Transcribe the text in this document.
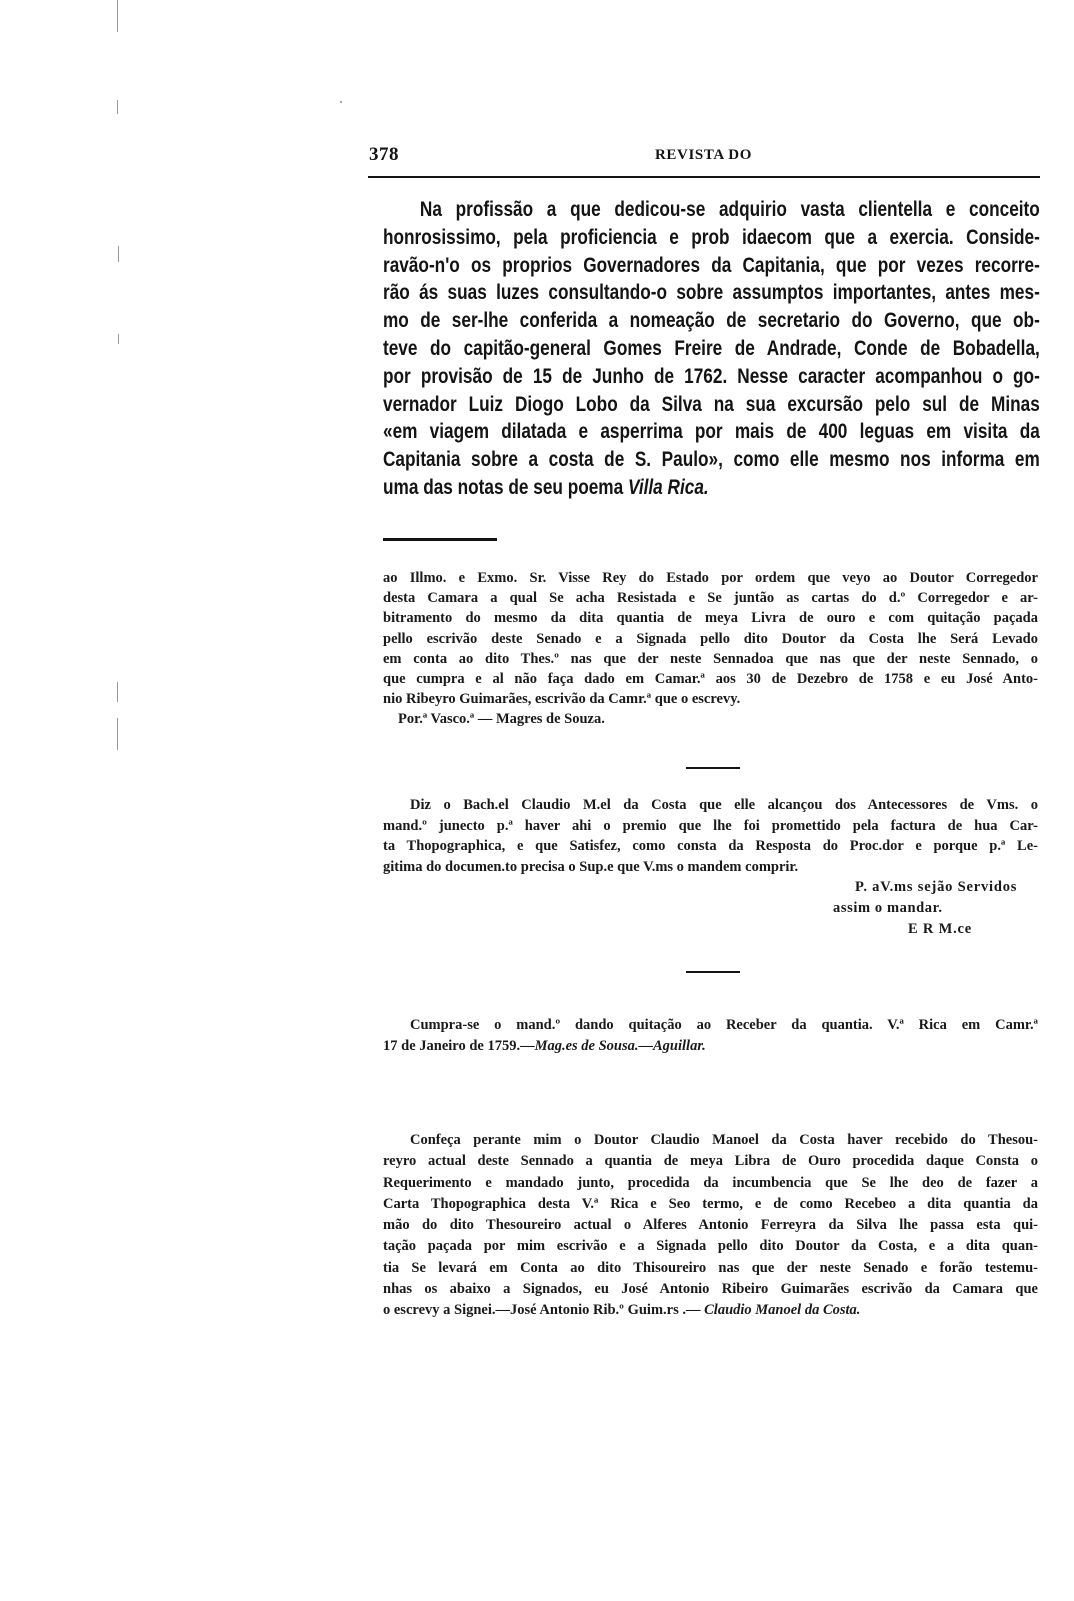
378	REVISTA DO
Na profissão a que dedicou-se adquirio vasta clientella e conceito
honrosissimo, pela proficiencia e prob idaecom que a exercia. Conside-
ravão-n'o os proprios Governadores da Capitania, que por vezes recorre-
rão ás suas luzes consultando-o sobre assumptos importantes, antes mes-
mo de ser-lhe conferida a nomeação de secretario do Governo, que ob-
teve do capitão-general Gomes Freire de Andrade, Conde de Bobadella,
por provisão de 15 de Junho de 1762. Nesse caracter acompanhou o go-
vernador Luiz Diogo Lobo da Silva na sua excursão pelo sul de Minas
«em viagem dilatada e asperrima por mais de 400 leguas em visita da
Capitania sobre a costa de S. Paulo», como elle mesmo nos informa em
uma das notas de seu poema Villa Rica.
ao Illmo. e Exmo. Sr. Visse Rey do Estado por ordem que veyo ao Doutor Corregedor
desta Camara a qual Se acha Resistada e Se juntão as cartas do d.º Corregedor e ar-
bitramento do mesmo da dita quantia de meya Livra de ouro e com quitação paçada
pello escrivão deste Senado e a Signada pello dito Doutor da Costa lhe Será Levado
em conta ao dito Thes.º nas que der neste Sennadoa que nas que der neste Sennado, o
que cumpra e al não faça dado em Camar.ª aos 30 de Dezebro de 1758 e eu José Anto-
nio Ribeyro Guimarães, escrivão da Camr.ª que o escrevy.
Por.ª Vasco.ª — Magres de Souza.
Diz o Bach.el Claudio M.el da Costa que elle alcançou dos Antecessores de Vms. o
mand.º junecto p.ª haver ahi o premio que lhe foi promettido pela factura de hua Car-
ta Thopographica, e que Satisfez, como consta da Resposta do Proc.dor e porque p.ª Le-
gitima do documen.to precisa o Sup.e que V.ms o mandem comprir.
P. aV.ms sejão Servidos
assim o mandar.
E R M.ce
Cumpra-se o mand.º dando quitação ao Receber da quantia. V.ª Rica em Camr.ª
17 de Janeiro de 1759.—Mag.es de Sousa.—Aguillar.
Confeça perante mim o Doutor Claudio Manoel da Costa haver recebido do Thesou-
reyro actual deste Sennado a quantia de meya Libra de Ouro procedida daque Consta o
Requerimento e mandado junto, procedida da incumbencia que Se lhe deo de fazer a
Carta Thopographica desta V.ª Rica e Seo termo, e de como Recebeo a dita quantia da
mão do dito Thesoureiro actual o Alferes Antonio Ferreyra da Silva lhe passa esta qui-
tação paçada por mim escrivão e a Signada pello dito Doutor da Costa, e a dita quan-
tia Se levará em Conta ao dito Thisoureiro nas que der neste Senado e forão testemu-
nhas os abaixo a Signados, eu José Antonio Ribeiro Guimarães escrivão da Camara que
o escrevy a Signei.—José Antonio Rib.º Guim.rs .— Claudio Manoel da Costa.
